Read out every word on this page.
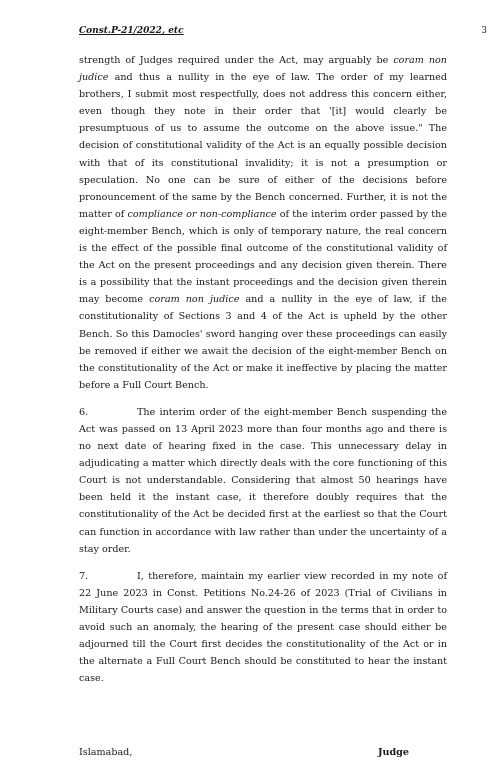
Const.P-21/2022, etc	3

strength of Judges required under the Act, may arguably be coram non judice and thus a nullity in the eye of law. The order of my learned brothers, I submit most respectfully, does not address this concern either, even though they note in their order that '[it] would clearly be presumptuous of us to assume the outcome on the above issue." The decision of constitutional validity of the Act is an equally possible decision with that of its constitutional invalidity; it is not a presumption or speculation. No one can be sure of either of the decisions before pronouncement of the same by the Bench concerned. Further, it is not the matter of compliance or non-compliance of the interim order passed by the eight-member Bench, which is only of temporary nature, the real concern is the effect of the possible final outcome of the constitutional validity of the Act on the present proceedings and any decision given therein. There is a possibility that the instant proceedings and the decision given therein may become coram non judice and a nullity in the eye of law, if the constitutionality of Sections 3 and 4 of the Act is upheld by the other Bench. So this Damocles' sword hanging over these proceedings can easily be removed if either we await the decision of the eight-member Bench on the constitutionality of the Act or make it ineffective by placing the matter before a Full Court Bench.

6.	The interim order of the eight-member Bench suspending the Act was passed on 13 April 2023 more than four months ago and there is no next date of hearing fixed in the case. This unnecessary delay in adjudicating a matter which directly deals with the core functioning of this Court is not understandable. Considering that almost 50 hearings have been held it the instant case, it therefore doubly requires that the constitutionality of the Act be decided first at the earliest so that the Court can function in accordance with law rather than under the uncertainty of a stay order.

7.	I, therefore, maintain my earlier view recorded in my note of 22 June 2023 in Const. Petitions No.24-26 of 2023 (Trial of Civilians in Military Courts case) and answer the question in the terms that in order to avoid such an anomaly, the hearing of the present case should either be adjourned till the Court first decides the constitutionality of the Act or in the alternate a Full Court Bench should be constituted to hear the instant case.

Islamabad,	Judge
